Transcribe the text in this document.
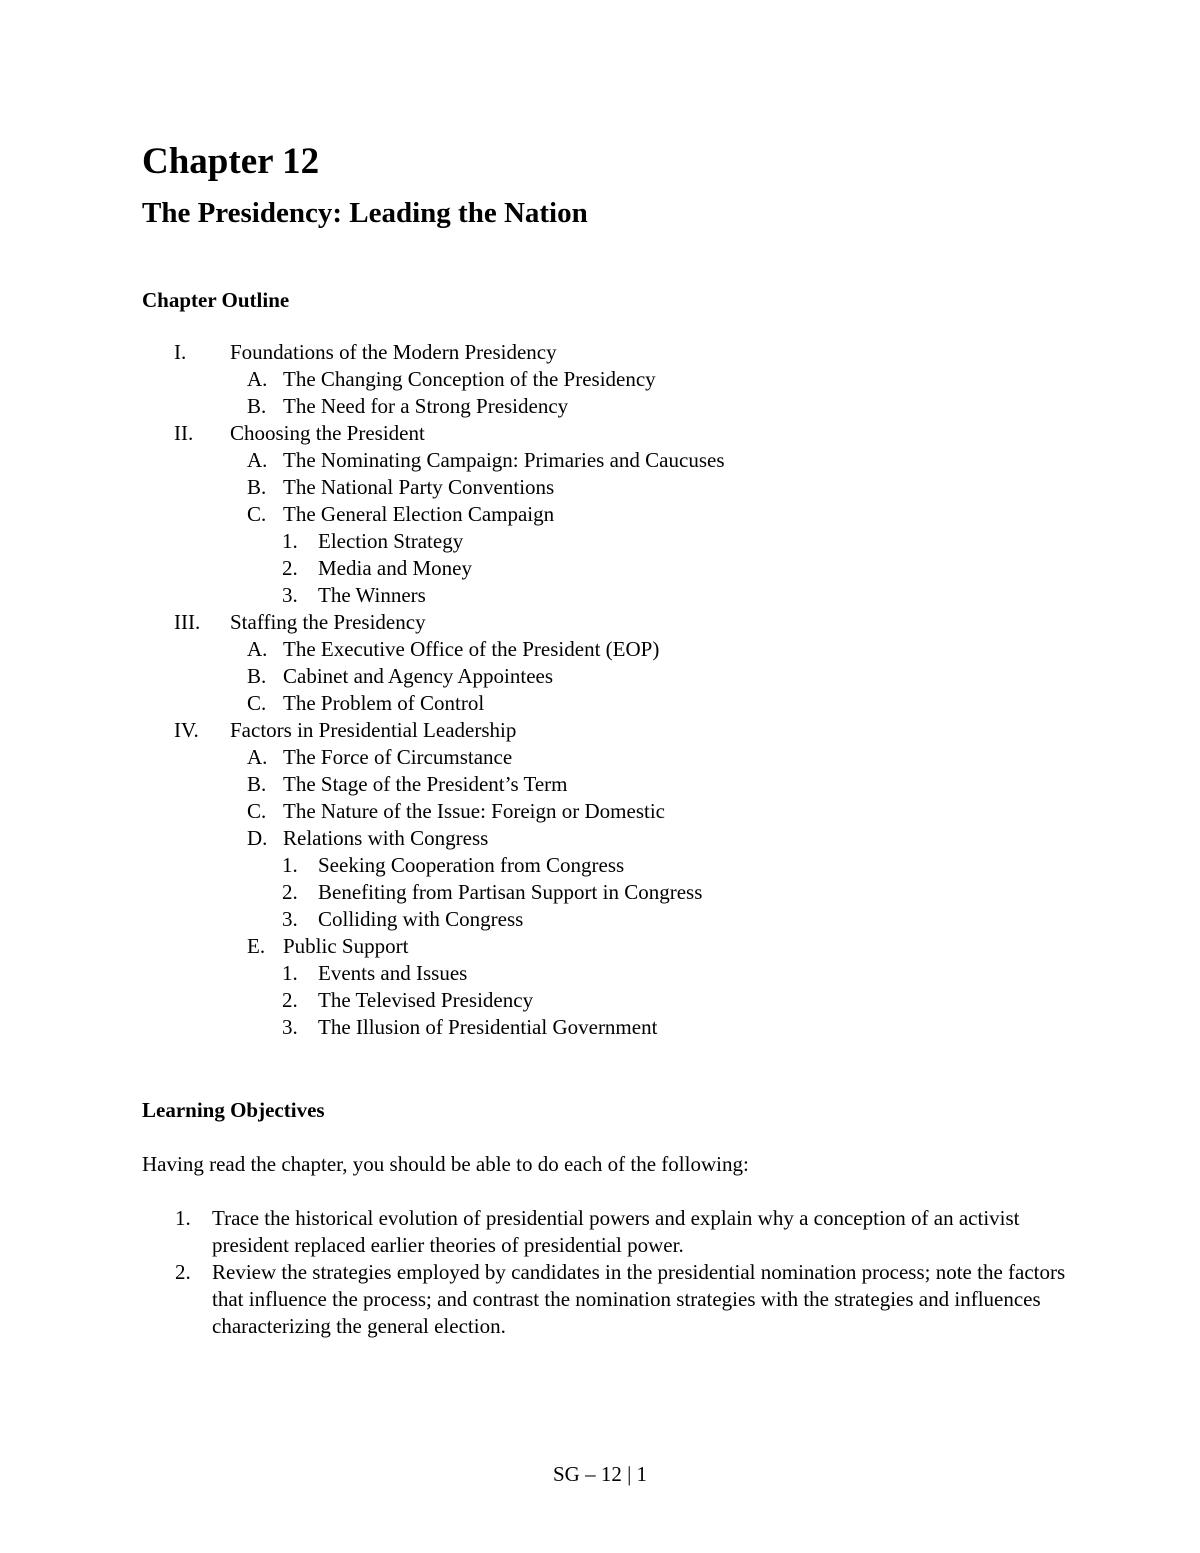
Chapter 12
The Presidency: Leading the Nation
Chapter Outline
I. Foundations of the Modern Presidency
A. The Changing Conception of the Presidency
B. The Need for a Strong Presidency
II. Choosing the President
A. The Nominating Campaign: Primaries and Caucuses
B. The National Party Conventions
C. The General Election Campaign
1. Election Strategy
2. Media and Money
3. The Winners
III. Staffing the Presidency
A. The Executive Office of the President (EOP)
B. Cabinet and Agency Appointees
C. The Problem of Control
IV. Factors in Presidential Leadership
A. The Force of Circumstance
B. The Stage of the President’s Term
C. The Nature of the Issue: Foreign or Domestic
D. Relations with Congress
1. Seeking Cooperation from Congress
2. Benefiting from Partisan Support in Congress
3. Colliding with Congress
E. Public Support
1. Events and Issues
2. The Televised Presidency
3. The Illusion of Presidential Government
Learning Objectives
Having read the chapter, you should be able to do each of the following:
1. Trace the historical evolution of presidential powers and explain why a conception of an activist president replaced earlier theories of presidential power.
2. Review the strategies employed by candidates in the presidential nomination process; note the factors that influence the process; and contrast the nomination strategies with the strategies and influences characterizing the general election.
SG – 12 | 1
